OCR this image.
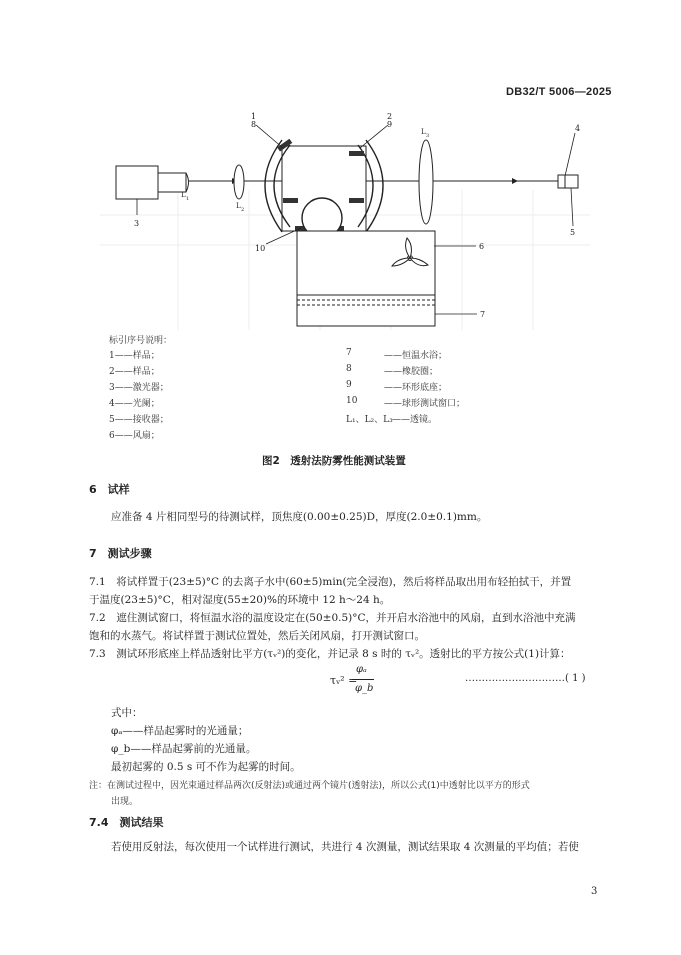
DB32/T 5006—2025
1
8
2
9	4
3
5
6
7
10
L 1
L 2
L 3
标引序号说明：
1——样品；
2——样品；
3——激光器；
4——光阑；
5——接收器；
6——风扇；
7
8
9
10
L₁、L₂、L₃
——恒温水浴；
——橡胶圈；
——环形底座；
——球形测试窗口；
——透镜。
图2　透射法防雾性能测试装置
6　试样
应准备 4 片相同型号的待测试样，顶焦度(0.00±0.25)D，厚度(2.0±0.1)mm。
7　测试步骤
7.1　将试样置于(23±5)°C 的去离子水中(60±5)min(完全浸泡)，然后将样品取出用布轻拍拭干，并置
于温度(23±5)°C，相对湿度(55±20)%的环境中 12 h～24 h。
7.2　遮住测试窗口，将恒温水浴的温度设定在(50±0.5)°C，并开启水浴池中的风扇，直到水浴池中充满
饱和的水蒸气。将试样置于测试位置处，然后关闭风扇，打开测试窗口。
7.3　测试环形底座上样品透射比平方(τᵥ²)的变化，并记录 8 s 时的 τᵥ²。透射比的平方按公式(1)计算：
τᵥ² =
φₐ
φ_b
…………………………( 1 )
式中：
φₐ——样品起雾时的光通量；
φ_b——样品起雾前的光通量。
最初起雾的 0.5 s 可不作为起雾的时间。
注：在测试过程中，因光束通过样品两次(反射法)或通过两个镜片(透射法)，所以公式(1)中透射比以平方的形式
出现。
7.4　测试结果
若使用反射法，每次使用一个试样进行测试，共进行 4 次测量，测试结果取 4 次测量的平均值；若使
3
